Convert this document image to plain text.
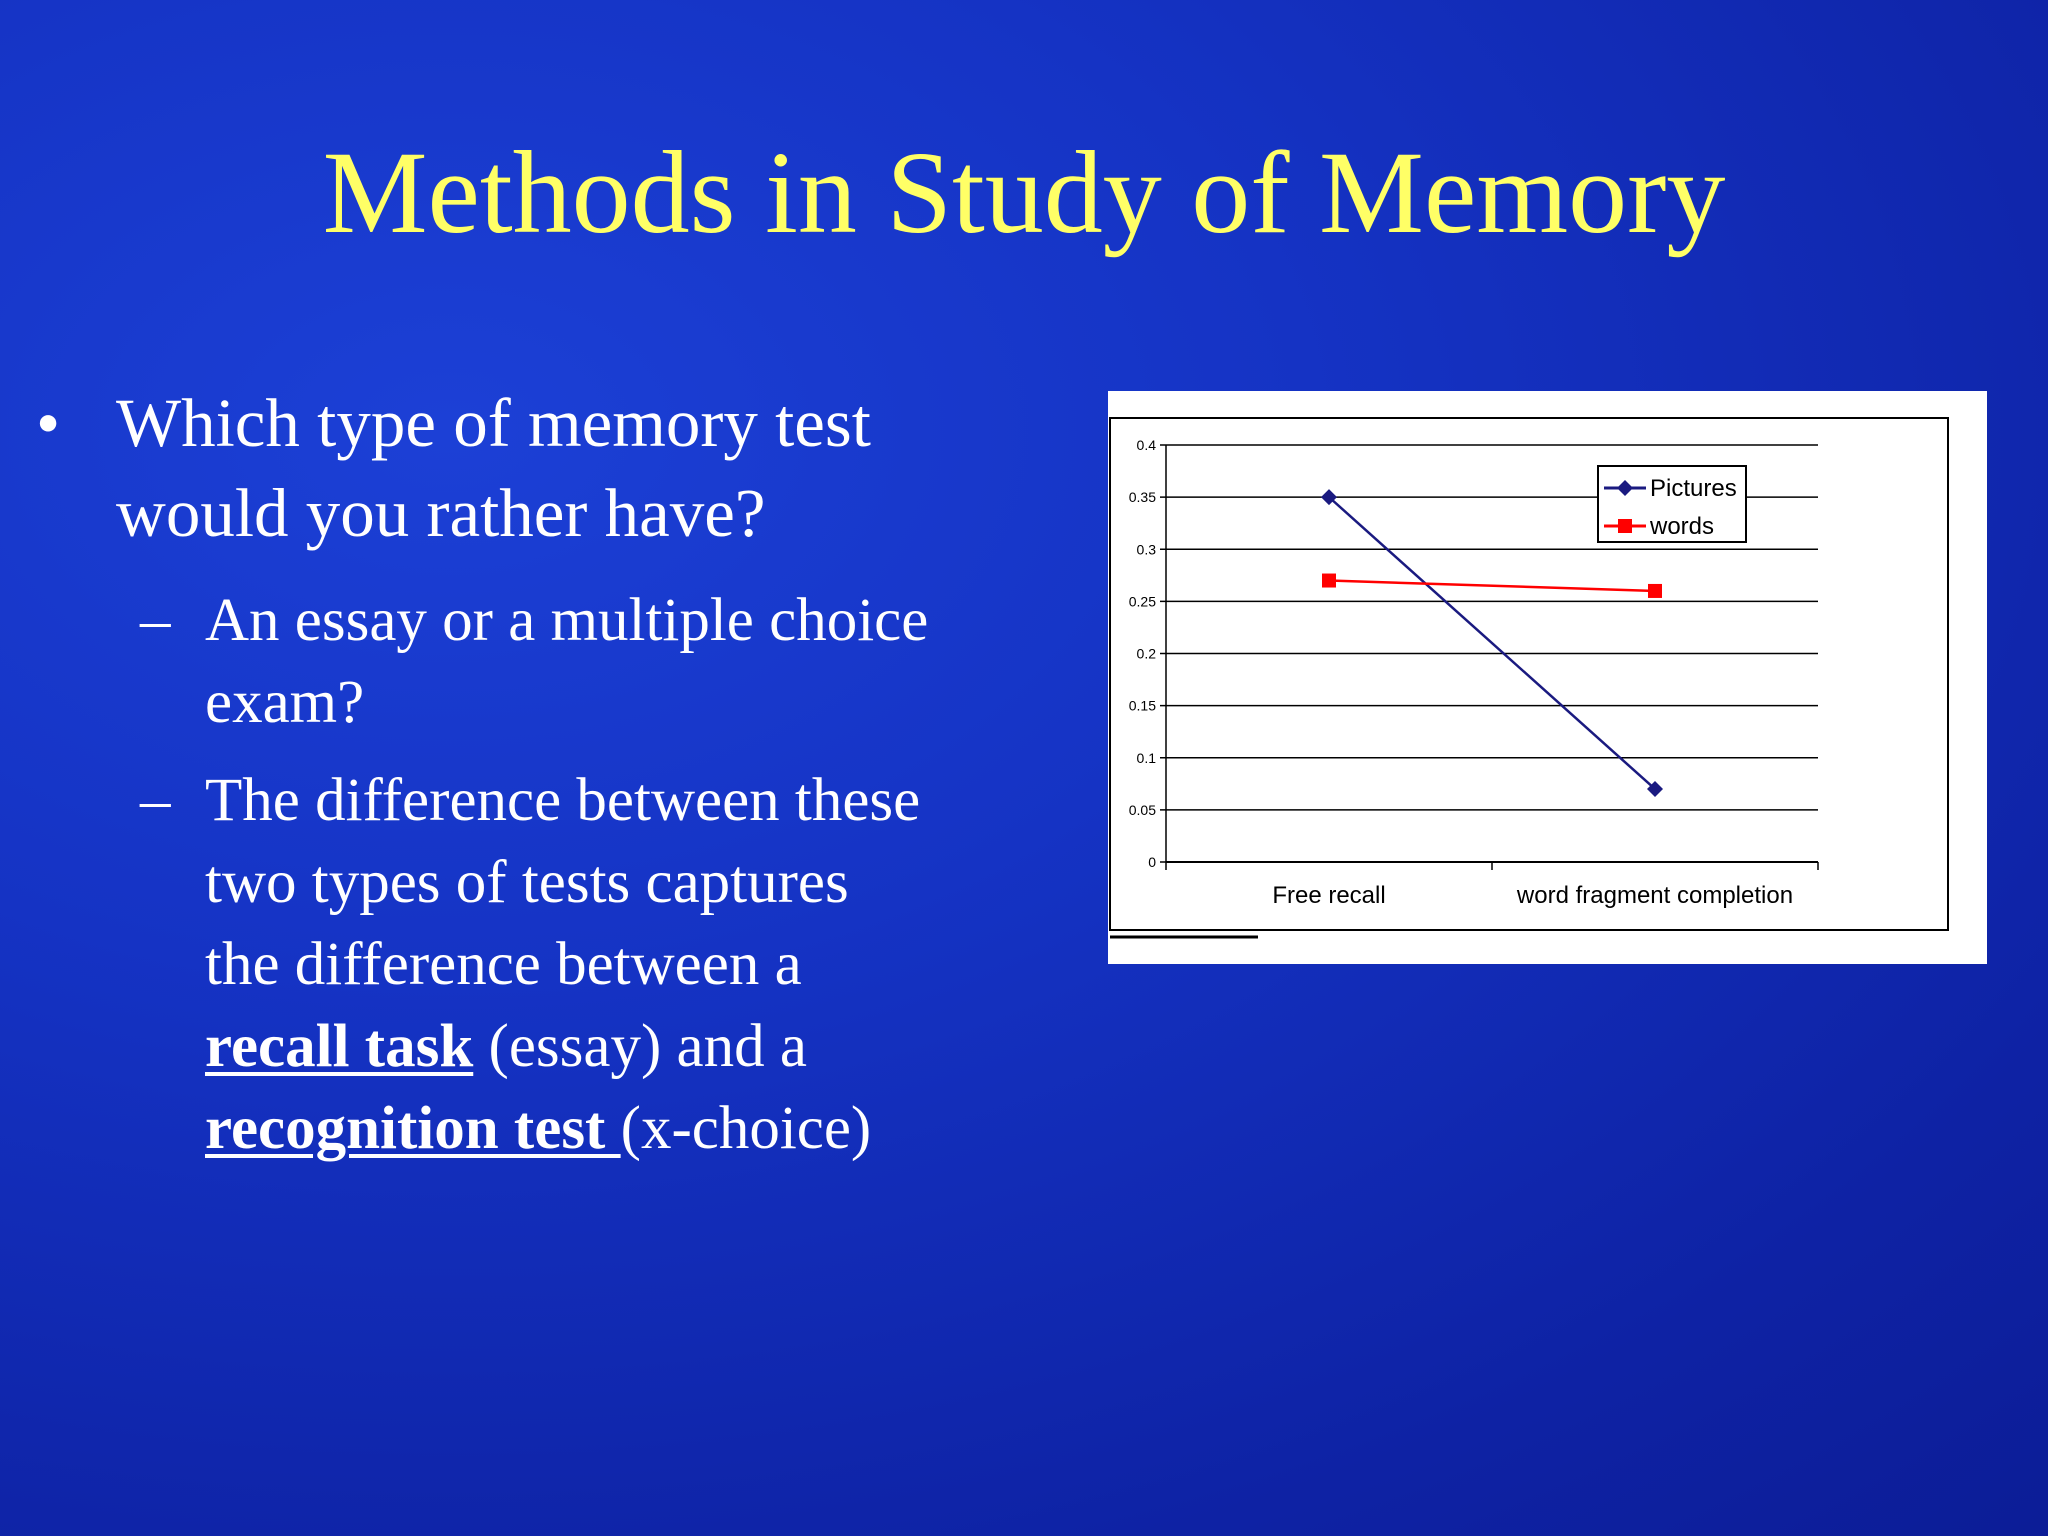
Methods in Study of Memory
• Which type of memory test
would you rather have?
– An essay or a multiple choice
exam?
– The difference between these
two types of tests captures
the difference between a
recall task (essay) and a
recognition test (x-choice)
0
0.05
0.1
0.15
0.2
0.25
0.3
0.35
0.4
Free recall	word fragment completion
Pictures
words
